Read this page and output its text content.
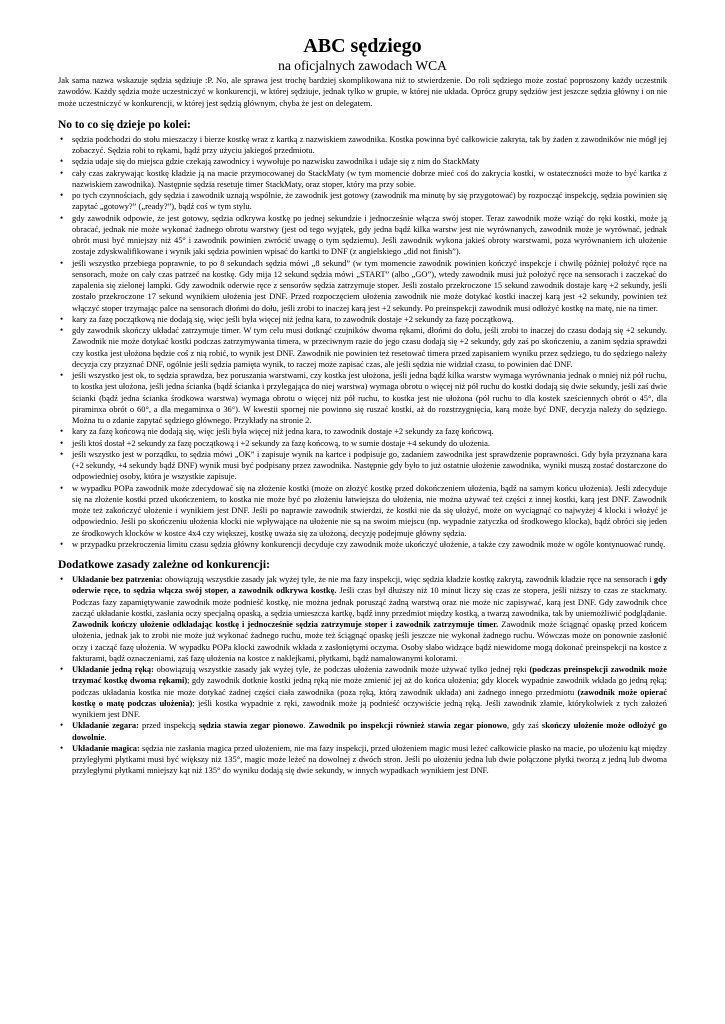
ABC sędziego
na oficjalnych zawodach WCA

Jak sama nazwa wskazuje sędzia sędziuje :P. No, ale sprawa jest trochę bardziej skomplikowana niż to stwierdzenie. Do roli sędziego może zostać poproszony każdy uczestnik zawodów. Każdy sędzia może uczestniczyć w konkurencji, w której sędziuje, jednak tylko w grupie, w której nie układa. Oprócz grupy sędziów jest jeszcze sędzia główny i on nie może uczestniczyć w konkurencji, w której jest sędzią głównym, chyba że jest on delegatem.

No to co się dzieje po kolei:
• sędzia podchodzi do stołu mieszaczy i bierze kostkę wraz z kartką z nazwiskiem zawodnika. Kostka powinna być całkowicie zakryta, tak by żaden z zawodników nie mógł jej zobaczyć. Sędzia robi to rękami, bądź przy użyciu jakiegoś przedmiotu.
• sędzia udaje się do miejsca gdzie czekają zawodnicy i wywołuje po nazwisku zawodnika i udaje się z nim do StackMaty
• cały czas zakrywając kostkę kładzie ją na macie przymocowanej do StackMaty (w tym momencie dobrze mieć coś do zakrycia kostki, w ostateczności może to być kartka z nazwiskiem zawodnika). Następnie sędzia resetuje timer StackMaty, oraz stoper, który ma przy sobie.
• po tych czynnościach, gdy sędzia i zawodnik uznają wspólnie, że zawodnik jest gotowy (zawodnik ma minutę by się przygotować) by rozpocząć inspekcję, sędzia powinien się zapytać „gotowy?” („ready?”), bądź coś w tym stylu.
• gdy zawodnik odpowie, że jest gotowy, sędzia odkrywa kostkę po jednej sekundzie i jednocześnie włącza swój stoper. Teraz zawodnik może wziąć do ręki kostki, może ją obracać, jednak nie może wykonać żadnego obrotu warstwy (jest od tego wyjątek, gdy jedna bądź kilka warstw jest nie wyrównanych, zawodnik może je wyrównać, jednak obrót musi być mniejszy niż 45° i zawodnik powinien zwrócić uwagę o tym sędziemu). Jeśli zawodnik wykona jakieś obroty warstwami, poza wyrównaniem ich ułożenie zostaje zdyskwalifikowane i wynik jaki sędzia powinien wpisać do kartki to DNF (z angielskiego „did not finish”).
• jeśli wszystko przebiega poprawnie, to po 8 sekundach sędzia mówi „8 sekund” (w tym momencie zawodnik powinien kończyć inspekcje i chwilę później położyć ręce na sensorach, może on cały czas patrzeć na kostkę. Gdy mija 12 sekund sędzia mówi „START” (albo „GO”), wtedy zawodnik musi już położyć ręce na sensorach i zaczekać do zapalenia się zielonej lampki. Gdy zawodnik oderwie ręce z sensorów sędzia zatrzymuje stoper. Jeśli zostało przekroczone 15 sekund zawodnik dostaje karę +2 sekundy, jeśli zostało przekroczone 17 sekund wynikiem ułożenia jest DNF. Przed rozpoczęciem ułożenia zawodnik nie może dotykać kostki inaczej karą jest +2 sekundy, powinien też włączyć stoper trzymając palce na sensorach dłońmi do dołu, jeśli zrobi to inaczej karą jest +2 sekundy. Po preinspekcji zawodnik musi odłożyć kostkę na matę, nie na timer.
• kary za fazę początkową nie dodają się, więc jeśli była więcej niż jedna kara, to zawodnik dostaje +2 sekundy za fazę początkową.
• gdy zawodnik skończy układać zatrzymuje timer. W tym celu musi dotknąć czujników dwoma rękami, dłońmi do dołu, jeśli zrobi to inaczej do czasu dodają się +2 sekundy. Zawodnik nie może dotykać kostki podczas zatrzymywania timera, w przeciwnym razie do jego czasu dodają się +2 sekundy, gdy zaś po skończeniu, a zanim sędzia sprawdzi czy kostka jest ułożona będzie coś z nią robić, to wynik jest DNF. Zawodnik nie powinien też resetować timera przed zapisaniem wyniku przez sędziego, tu do sędziego należy decyzja czy przyznać DNF, ogólnie jeśli sędzia pamięta wynik, to raczej może zapisać czas, ale jeśli sędzia nie widział czasu, to powinien dać DNF.
• jeśli wszystko jest ok, to sędzia sprawdza, bez poruszania warstwami, czy kostka jest ułożona, jeśli jedna bądź kilka warstw wymaga wyrównania jednak o mniej niż pół ruchu, to kostka jest ułożona, jeśli jedna ścianka (bądź ścianka i przylegająca do niej warstwa) wymaga obrotu o więcej niż pół ruchu do kostki dodają się dwie sekundy, jeśli zaś dwie ścianki (bądź jedna ścianka środkowa warstwa) wymaga obrotu o więcej niż pół ruchu, to kostka jest nie ułożona (pół ruchu to dla kostek sześciennych obrót o 45°, dla piraminxa obrót o 60°, a dla megaminxa o 36°). W kwestii spornej nie powinno się ruszać kostki, aż do rozstrzygnięcia, karą może być DNF, decyzja należy do sędziego. Można tu o zdanie zapytać sędziego głównego. Przykłady na stronie 2.
• kary za fazę końcową nie dodają się, więc jeśli była więcej niż jedna kara, to zawodnik dostaje +2 sekundy za fazę końcową.
• jeśli ktoś dostał +2 sekundy za fazę początkową i +2 sekundy za fazę końcową, to w sumie dostaje +4 sekundy do ułożenia.
• jeśli wszystko jest w porządku, to sędzia mówi „OK” i zapisuje wynik na kartce i podpisuje go, zadaniem zawodnika jest sprawdzenie poprawności. Gdy była przyznana kara (+2 sekundy, +4 sekundy bądź DNF) wynik musi być podpisany przez zawodnika. Następnie gdy było to już ostatnie ułożenie zawodnika, wyniki muszą zostać dostarczone do odpowiedniej osoby, która je wszystkie zapisuje.
• w wypadku POPa zawodnik może zdecydować się na złożenie kostki (może on złożyć kostkę przed dokończeniem ułożenia, bądź na samym końcu ułożenia). Jeśli zdecyduje się na złożenie kostki przed ukończeniem, to kostka nie może być po złożeniu łatwiejsza do ułożenia, nie można używać też części z innej kostki, karą jest DNF. Zawodnik może też zakończyć ułożenie i wynikiem jest DNF. Jeśli po naprawie zawodnik stwierdzi, że kostki nie da się ułożyć, może on wyciągnąć co najwyżej 4 klocki i włożyć je odpowiednio. Jeśli po skończeniu ułożenia klocki nie wpływające na ułożenie nie są na swoim miejscu (np. wypadnie zatyczka od środkowego klocka), bądź obróci się jeden ze środkowych klocków w kostce 4x4 czy większej, kostkę uważa się za ułożoną, decyzję podejmuje główny sędzia.
• w przypadku przekroczenia limitu czasu sędzia główny konkurencji decyduje czy zawodnik może ukończyć ułożenie, a także czy zawodnik może w ogóle kontynuować rundę.
Dodatkowe zasady zależne od konkurencji:
• Układanie bez patrzenia: obowiązują wszystkie zasady jak wyżej tyle, że nie ma fazy inspekcji, więc sędzia kładzie kostkę zakrytą, zawodnik kładzie ręce na sensorach i gdy oderwie ręce, to sędzia włącza swój stoper, a zawodnik odkrywa kostkę. Jeśli czas był dłuższy niż 10 minut liczy się czas ze stopera, jeśli niższy to czas ze stackmaty. Podczas fazy zapamiętywanie zawodnik może podnieść kostkę, nie można jednak porusząć żadną warstwą oraz nie może nic zapisywać, karą jest DNF. Gdy zawodnik chce zacząć układanie kostki, zasłania oczy specjalną opaską, a sędzia umieszcza kartkę, bądź inny przedmiot między kostką, a twarzą zawodnika, tak by uniemożliwić podglądanie. Zawodnik kończy ułożenie odkładając kostkę i jednocześnie sędzia zatrzymuje stoper i zawodnik zatrzymuje timer. Zawodnik może ściągnąć opaskę przed końcem ułożenia, jednak jak to zrobi nie może już wykonać żadnego ruchu, może też ściągnąć opaskę jeśli jeszcze nie wykonał żadnego ruchu. Wówczas może on ponownie zasłonić oczy i zacząć fazę ułożenia. W wypadku POPa klocki zawodnik wkłada z zasłoniętymi oczyma. Osoby słabo widzące bądź niewidome mogą dokonać preinspekcji na kostce z fakturami, bądź oznaczeniami, zaś fazę ułożenia na kostce z naklejkami, płytkami, bądź namalowanymi kolorami.
• Układanie jedną ręką: obowiązują wszystkie zasady jak wyżej tyle, że podczas ułożenia zawodnik może używać tylko jednej ręki (podczas preinspekcji zawodnik może trzymać kostkę dwoma rękami); gdy zawodnik dotknie kostki jedną ręką nie może zmienić jej aż do końca ułożenia; gdy klocek wypadnie zawodnik wkłada go jedną ręką; podczas układania kostka nie może dotykać żadnej części ciała zawodnika (poza ręką, którą zawodnik układa) ani żadnego innego przedmiotu (zawodnik może opierać kostkę o matę podczas ułożenia); jeśli kostka wypadnie z ręki, zawodnik może ją podnieść oczywiście jedną ręką. Jeśli zawodnik złamie, którykolwiek z tych założeń wynikiem jest DNF.
• Układanie zegara: przed inspekcją sędzia stawia zegar pionowo. Zawodnik po inspekcji również stawia zegar pionowo, gdy zaś skończy ułożenie może odłożyć go dowolnie.
• Układanie magica: sędzia nie zasłania magica przed ułożeniem, nie ma fazy inspekcji, przed ułożeniem magic musi leżeć całkowicie płasko na macie, po ułożeniu kąt między przyległymi płytkami musi być większy niż 135°, magic może leżeć na dowolnej z dwóch stron. Jeśli po ułożeniu jedna lub dwie połączone płytki tworzą z jedną lub dwoma przyległymi płytkami mniejszy kąt niż 135° do wyniku dodają się dwie sekundy, w innych wypadkach wynikiem jest DNF.
